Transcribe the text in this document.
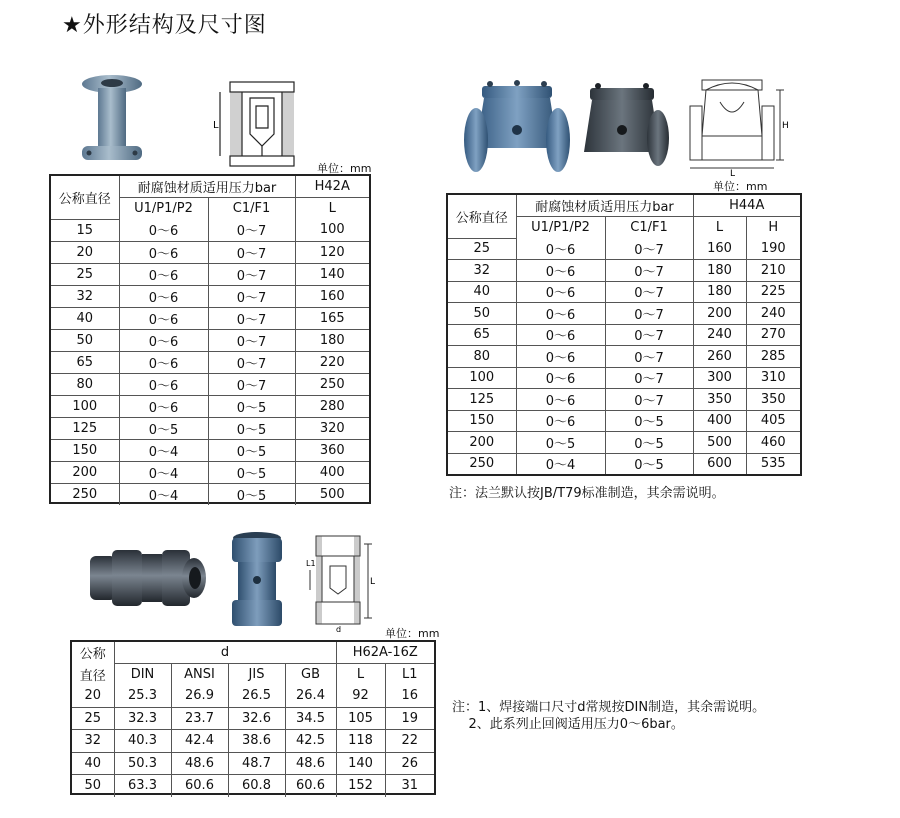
★外形结构及尺寸图
L
单位：mm
公称直径	耐腐蚀材质适用压力bar		H42A
	U1/P1/P2	C1/F1	L
15	0～6	0～7	100
20	0～6	0～7	120
25	0～6	0～7	140
32	0～6	0～7	160
40	0～6	0～7	165
50	0～6	0～7	180
65	0～6	0～7	220
80	0～6	0～7	250
100	0～6	0～5	280
125	0～5	0～5	320
150	0～4	0～5	360
200	0～4	0～5	400
250	0～4	0～5	500
H
L
单位：mm
公称直径	耐腐蚀材质适用压力bar		H44A	
	U1/P1/P2	C1/F1	L	H
25	0～6	0～7	160	190
32	0～6	0～7	180	210
40	0～6	0～7	180	225
50	0～6	0～7	200	240
65	0～6	0～7	240	270
80	0～6	0～7	260	285
100	0～6	0～7	300	310
125	0～6	0～7	350	350
150	0～6	0～5	400	405
200	0～5	0～5	500	460
250	0～4	0～5	600	535
注：法兰默认按JB/T79标准制造，其余需说明。
L
L1
d	单位：mm
公称	d				H62A-16Z	
直径	DIN	ANSI	JIS	GB	L	L1
20	25.3	26.9	26.5	26.4	92	16
25	32.3	23.7	32.6	34.5	105	19
32	40.3	42.4	38.6	42.5	118	22
40	50.3	48.6	48.7	48.6	140	26
50	63.3	60.6	60.8	60.6	152	31
注：1、焊接端口尺寸d常规按DIN制造，其余需说明。
2、此系列止回阀适用压力0～6bar。
